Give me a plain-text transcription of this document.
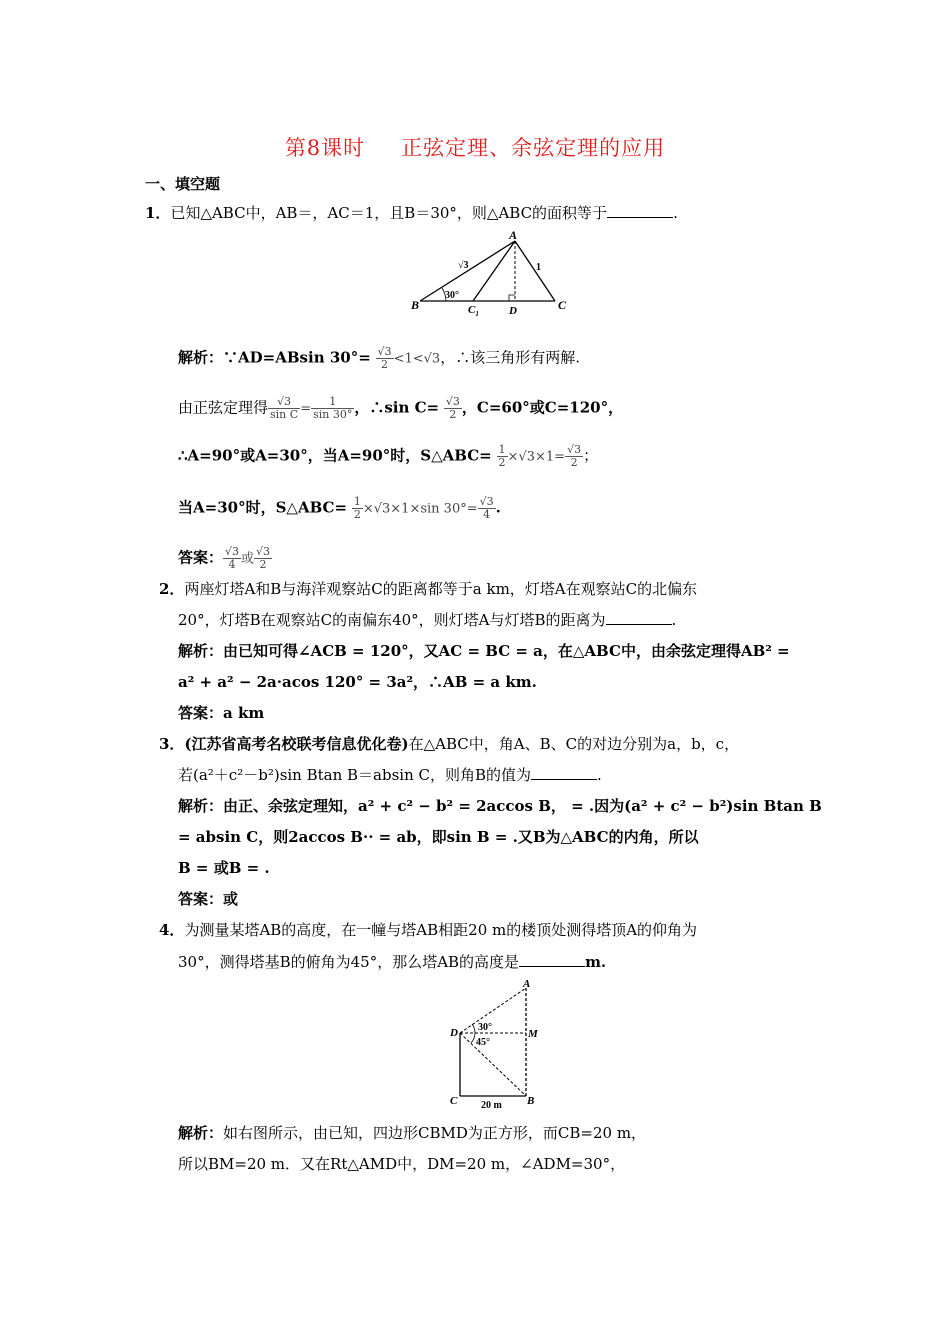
第8课时 正弦定理、余弦定理的应用
一、填空题
1．已知△ABC中，AB＝，AC＝1，且B＝30°，则△ABC的面积等于	.
A
B	C
$C_1$	D
√3	1
30°
解析：∵AD=ABsin $30^\circ= \frac{√3}{2} <1<√3$，∴该三角形有两解.
由正弦定理得 $\frac{√3}{\text{sin C}} = \frac{1}{\sin 30^\circ}$ ，∴sin $C= \frac{√3}{2}$ ，C=60°或C=120°，
∴A=90°或A=30°，当A=90°时，S△ABC= $\frac{1}{2} \times√3\times 1= \frac{√3}{2}$ ；
当A=30°时，S△ABC= $\frac{1}{2} \times√3\times 1\times\sin$ $30^\circ= \frac{√3}{4}$ .
答案： $\frac{√3}{4}$ 或 $\frac{√3}{2}$
2．两座灯塔A和B与海洋观察站C的距离都等于a km，灯塔A在观察站C的北偏东
20°，灯塔B在观察站C的南偏东40°，则灯塔A与灯塔B的距离为	.
解析：由已知可得∠ACB = 120°，又AC = BC = a，在△ABC中，由余弦定理得AB² =
a² + a² − 2a·acos 120° = 3a²，∴AB = a km.
答案：a km
3．(江苏省高考名校联考信息优化卷)在△ABC中，角A、B、C的对边分别为a，b，c，
若(a²＋c²－b²)sin Btan B＝absin C，则角B的值为	.
解析：由正、余弦定理知，a² + c² − b² = 2accos B， = .因为(a² + c² − b²)sin Btan B
= absin C，则2accos B·· = ab，即sin B = .又B为△ABC的内角，所以
B = 或B = .
答案：或
4．为测量某塔AB的高度，在一幢与塔AB相距20 m的楼顶处测得塔顶A的仰角为
30°，测得塔基B的俯角为45°，那么塔AB的高度是	m.
A
B
C
D	M
30°
45°
20 m
解析：如右图所示，由已知，四边形CBMD为正方形，而CB=20 m，
所以BM=20 m．又在Rt△AMD中，DM=20 m，∠ADM=30°，
